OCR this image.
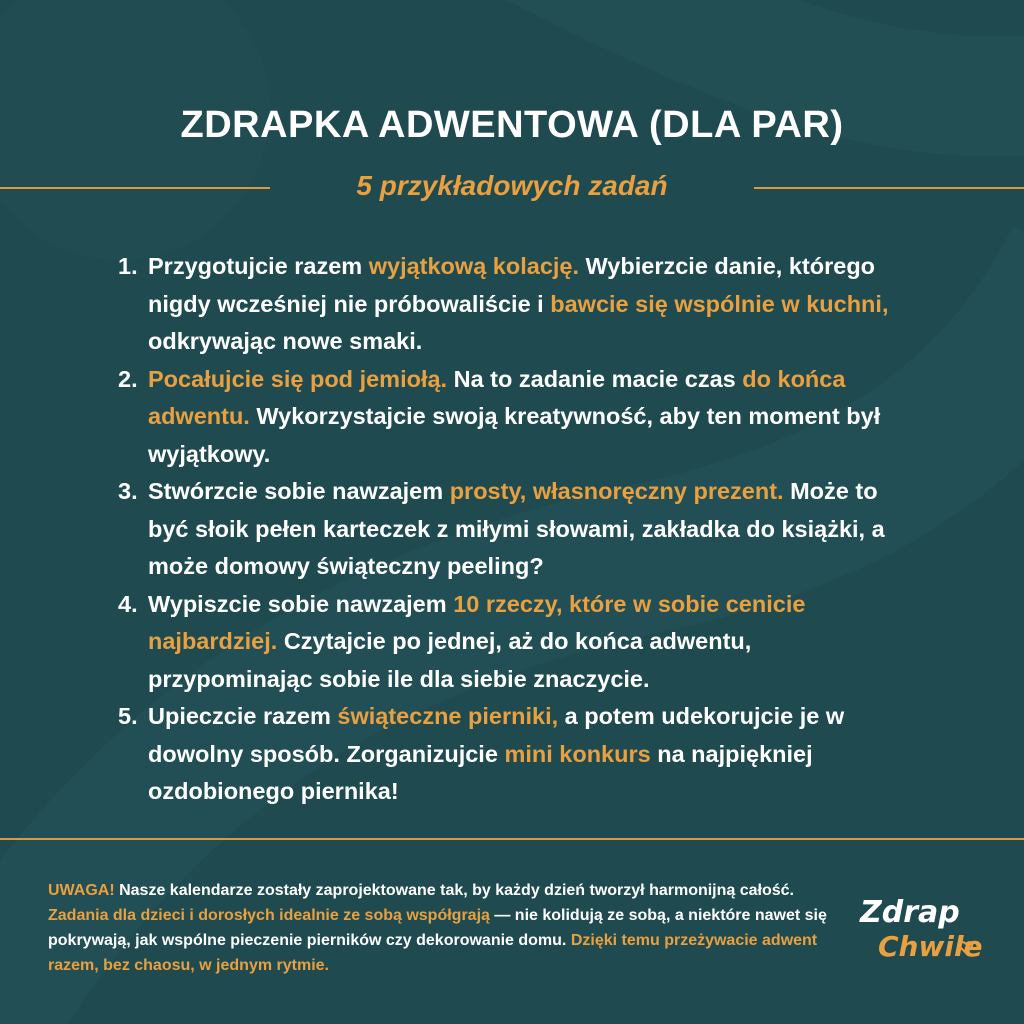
ZDRAPKA ADWENTOWA (DLA PAR)
5 przykładowych zadań
1. Przygotujcie razem wyjątkową kolację. Wybierzcie danie, którego nigdy wcześniej nie próbowaliście i bawcie się wspólnie w kuchni, odkrywając nowe smaki.
2. Pocałujcie się pod jemiołą. Na to zadanie macie czas do końca adwentu. Wykorzystajcie swoją kreatywność, aby ten moment był wyjątkowy.
3. Stwórzcie sobie nawzajem prosty, własnoręczny prezent. Może to być słoik pełen karteczek z miłymi słowami, zakładka do książki, a może domowy świąteczny peeling?
4. Wypiszcie sobie nawzajem 10 rzeczy, które w sobie cenicie najbardziej. Czytajcie po jednej, aż do końca adwentu, przypominając sobie ile dla siebie znaczycie.
5. Upieczcie razem świąteczne pierniki, a potem udekorujcie je w dowolny sposób. Zorganizujcie mini konkurs na najpiękniej ozdobionego piernika!
UWAGA! Nasze kalendarze zostały zaprojektowane tak, by każdy dzień tworzył harmonijną całość. Zadania dla dzieci i dorosłych idealnie ze sobą współgrają — nie kolidują ze sobą, a niektóre nawet się pokrywają, jak wspólne pieczenie pierników czy dekorowanie domu. Dzięki temu przeżywacie adwent razem, bez chaosu, w jednym rytmie.
Zdrap
Chwile
